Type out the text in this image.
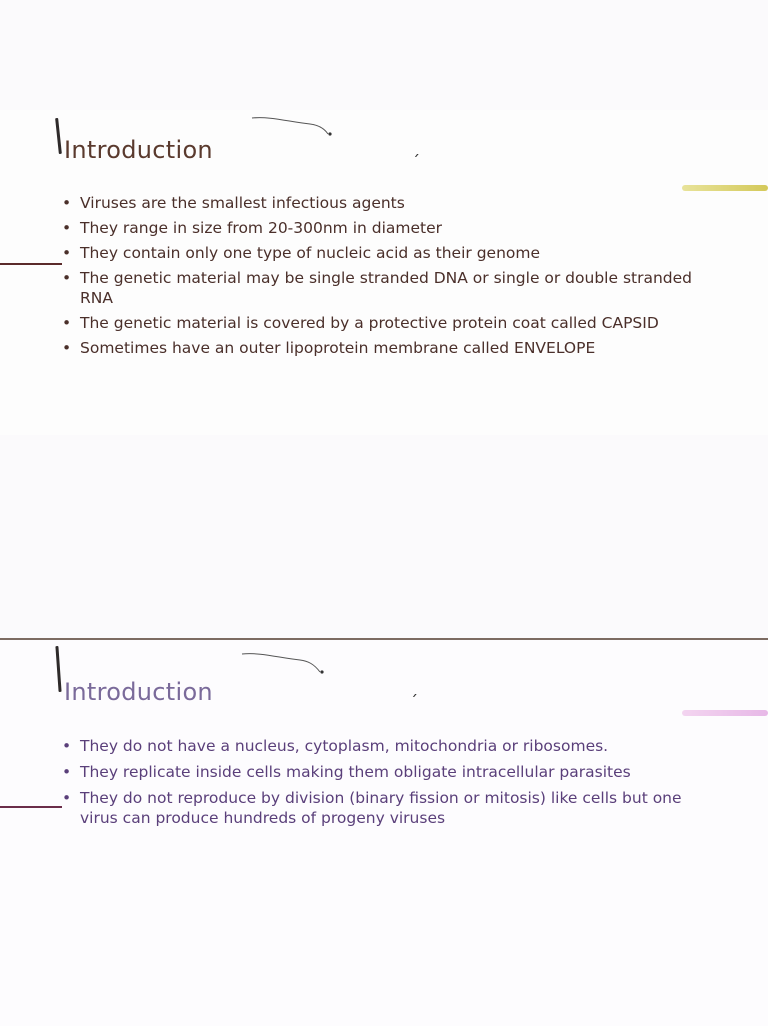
ˏ
Introduction
• Viruses are the smallest infectious agents
• They range in size from 20-300nm in diameter
• They contain only one type of nucleic acid as their genome
• The genetic material may be single stranded DNA or single or double stranded RNA
• The genetic material is covered by a protective protein coat called CAPSID
• Sometimes have an outer lipoprotein membrane called ENVELOPE
ˏ
Introduction
• They do not have a nucleus, cytoplasm, mitochondria or ribosomes.
• They replicate inside cells making them obligate intracellular parasites
• They do not reproduce by division (binary fission or mitosis) like cells but one virus can produce hundreds of progeny viruses
